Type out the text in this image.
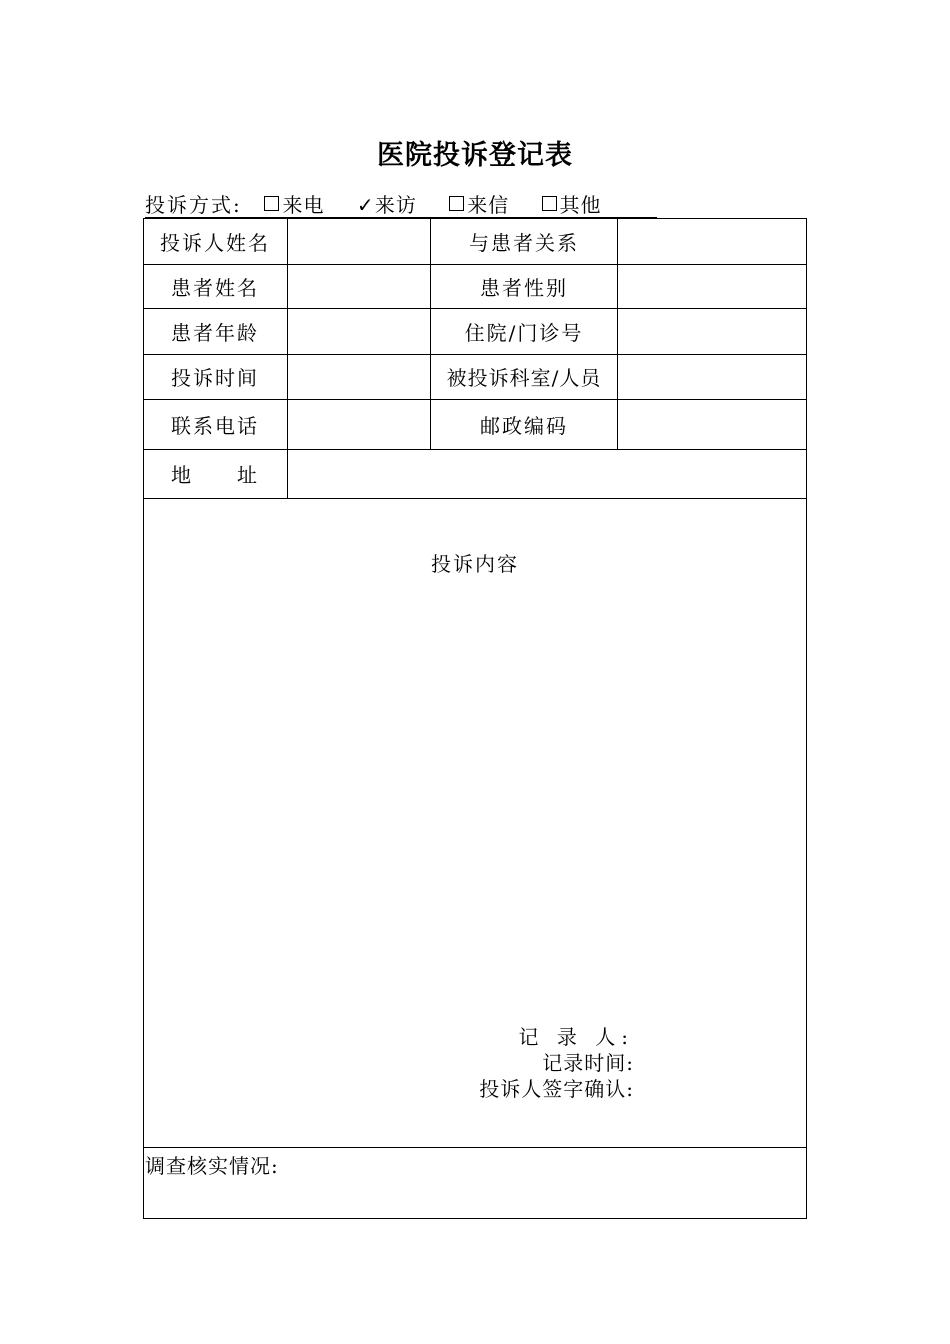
医院投诉登记表
投诉方式: 来电 ✓来访	来信	其他
投诉人姓名	与患者关系
患者姓名	患者性别
患者年龄	住院/门诊号
投诉时间	被投诉科室/人员
联系电话	邮政编码
地　　址
投诉内容
记 录 人:
记录时间:
投诉人签字确认:
调查核实情况:
